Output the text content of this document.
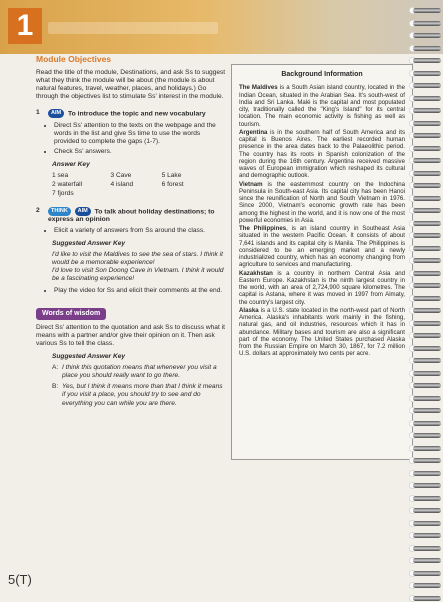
1
Module Objectives
Read the title of the module, Destinations, and ask Ss to suggest what they think the module will be about (the module is about natural features, travel, weather, places, and holidays.) Go through the objectives list to stimulate Ss' interest in the module.
1	AIM To introduce the topic and new vocabulary
• Direct Ss' attention to the texts on the webpage and the words in the list and give Ss time to use the words provided to complete the gaps (1-7).
• Check Ss' answers.
Answer Key
1 sea	3 Cave	5 Lake
2 waterfall	4 island	6 forest
7 fjords
2	THINK AIM To talk about holiday destinations; to express an opinion
• Elicit a variety of answers from Ss around the class.
Suggested Answer Key
I'd like to visit the Maldives to see the sea of stars. I think it would be a memorable experience!
I'd love to visit Son Doong Cave in Vietnam. I think it would be a fascinating experience!
• Play the video for Ss and elicit their comments at the end.
Words of wisdom
Direct Ss' attention to the quotation and ask Ss to discuss what it means with a partner and/or give their opinion on it. Then ask various Ss to tell the class.
Suggested Answer Key
A: I think this quotation means that whenever you visit a place you should really want to go there.
B: Yes, but I think it means more than that I think it means if you visit a place, you should try to see and do everything you can while you are there.
Background Information
The Maldives is a South Asian island country, located in the Indian Ocean, situated in the Arabian Sea. It's south-west of India and Sri Lanka. Malé is the capital and most populated city, traditionally called the "King's Island" for its central location. The main economic activity is fishing as well as tourism.
Argentina is in the southern half of South America and its capital is Buenos Aires. The earliest recorded human presence in the area dates back to the Palaeolithic period. The country has its roots in Spanish colonization of the region during the 16th century. Argentina received massive waves of European immigration which reshaped its cultural and demographic outlook.
Vietnam is the easternmost country on the Indochina Peninsula in South-east Asia. Its capital city has been Hanoi since the reunification of North and South Vietnam in 1976. Since 2000, Vietnam's economic growth rate has been among the highest in the world, and it is now one of the most powerful economies in Asia.
The Philippines, is an island country in Southeast Asia situated in the western Pacific Ocean. It consists of about 7,641 islands and its capital city is Manila. The Philippines is considered to be an emerging market and a newly industrialized country, which has an economy changing from agriculture to services and manufacturing.
Kazakhstan is a country in northern Central Asia and Eastern Europe. Kazakhstan is the ninth largest country in the world, with an area of 2,724,900 square kilometres. The capital is Astana, where it was moved in 1997 from Almaty, the country's largest city.
Alaska is a U.S. state located in the north-west part of North America. Alaska's inhabitants work mainly in the fishing, natural gas, and oil industries, resources which it has in abundance. Military bases and tourism are also a significant part of the economy. The United States purchased Alaska from the Russian Empire on March 30, 1867, for 7.2 million U.S. dollars at approximately two cents per acre.
5(T)
